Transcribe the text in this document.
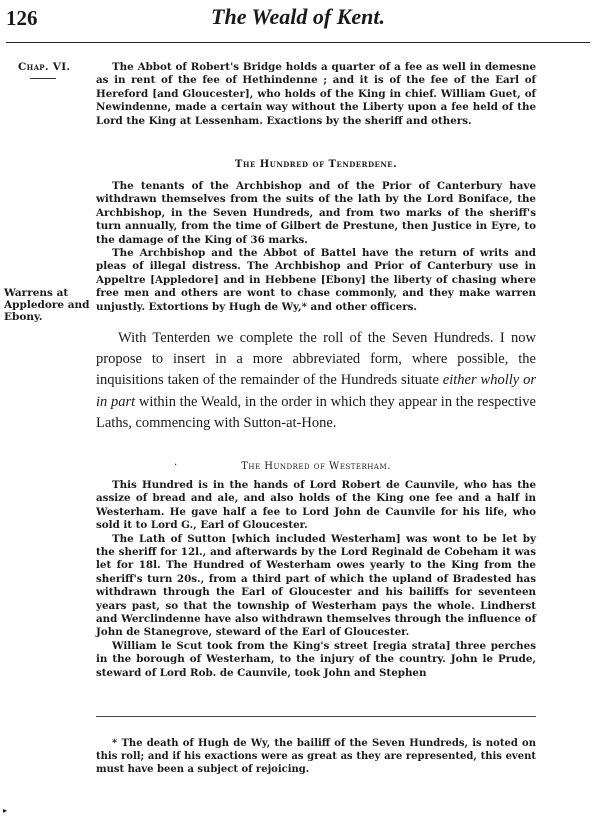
126	The Weald of Kent.
Chap. VI.
Warrens at Appledore and Ebony.

The Abbot of Robert's Bridge holds a quarter of a fee as well in demesne as in rent of the fee of Hethindenne ; and it is of the fee of the Earl of Hereford [and Gloucester], who holds of the King in chief. William Guet, of Newindenne, made a certain way without the Liberty upon a fee held of the Lord the King at Lessenham. Exactions by the sheriff and others.

The Hundred of Tenderdene.

The tenants of the Archbishop and of the Prior of Canterbury have withdrawn themselves from the suits of the lath by the Lord Boniface, the Archbishop, in the Seven Hundreds, and from two marks of the sheriff's turn annually, from the time of Gilbert de Prestune, then Justice in Eyre, to the damage of the King of 36 marks.

The Archbishop and the Abbot of Battel have the return of writs and pleas of illegal distress. The Archbishop and Prior of Canterbury use in Appeltre [Appledore] and in Hebbene [Ebony] the liberty of chasing where free men and others are wont to chase commonly, and they make warren unjustly. Extortions by Hugh de Wy,* and other officers.

With Tenterden we complete the roll of the Seven Hundreds. I now propose to insert in a more abbreviated form, where possible, the inquisitions taken of the remainder of the Hundreds situate either wholly or in part within the Weald, in the order in which they appear in the respective Laths, commencing with Sutton-at-Hone.
·	The Hundred of Westerham.

This Hundred is in the hands of Lord Robert de Caunvile, who has the assize of bread and ale, and also holds of the King one fee and a half in Westerham. He gave half a fee to Lord John de Caunvile for his life, who sold it to Lord G., Earl of Gloucester.

The Lath of Sutton [which included Westerham] was wont to be let by the sheriff for 12l., and afterwards by the Lord Reginald de Cobeham it was let for 18l. The Hundred of Westerham owes yearly to the King from the sheriff's turn 20s., from a third part of which the upland of Bradested has withdrawn through the Earl of Gloucester and his bailiffs for seventeen years past, so that the township of Westerham pays the whole. Lindherst and Werclindenne have also withdrawn themselves through the influence of John de Stanegrove, steward of the Earl of Gloucester.

William le Scut took from the King's street [regia strata] three perches in the borough of Westerham, to the injury of the country. John le Prude, steward of Lord Rob. de Caunvile, took John and Stephen

* The death of Hugh de Wy, the bailiff of the Seven Hundreds, is noted on this roll; and if his exactions were as great as they are represented, this event must have been a subject of rejoicing.

▸
